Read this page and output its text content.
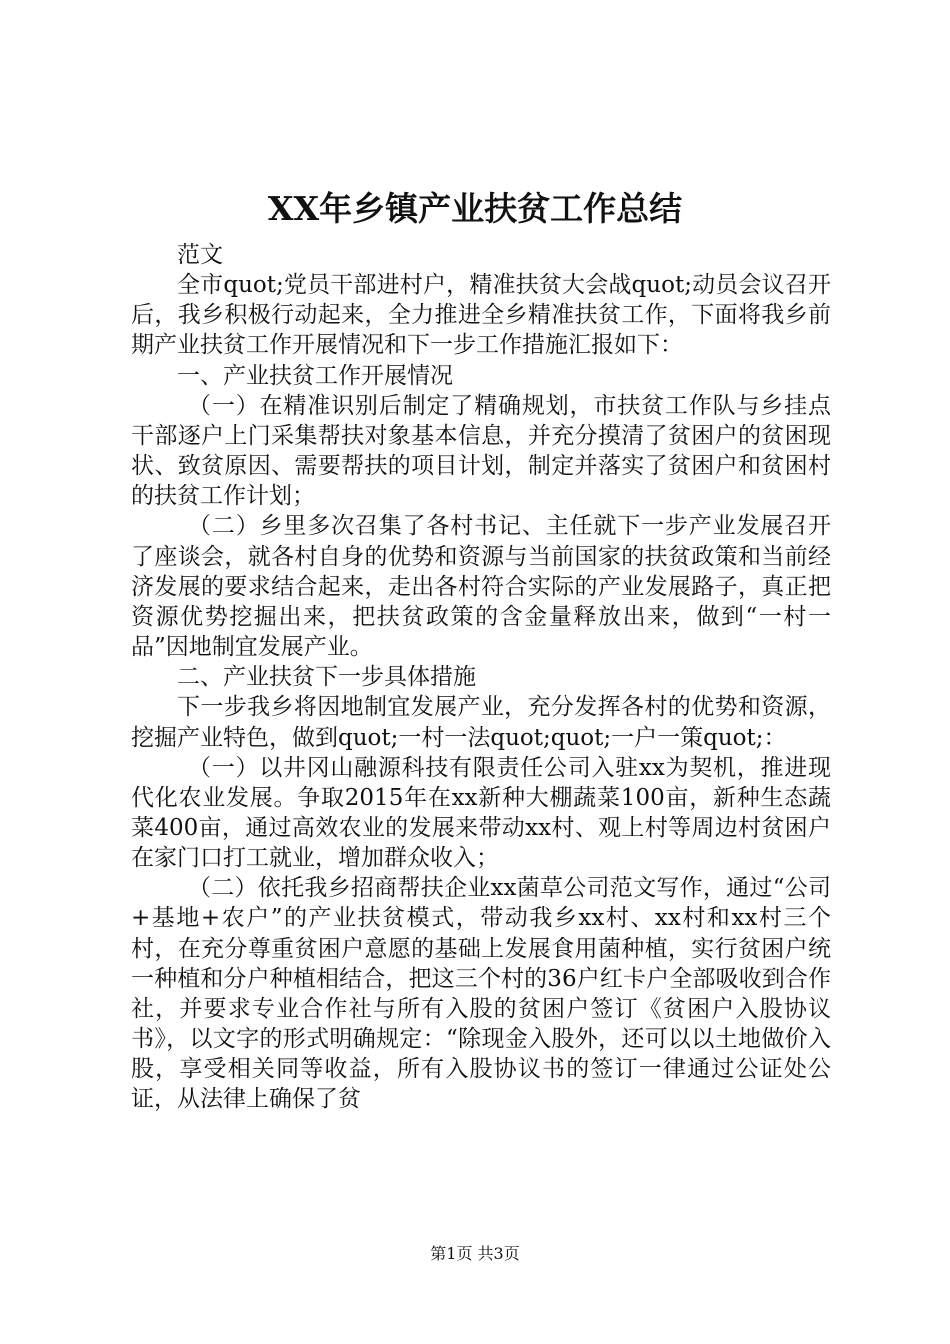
XX年乡镇产业扶贫工作总结

范文

全市quot;党员干部进村户，精准扶贫大会战quot;动员会议召开后，我乡积极行动起来，全力推进全乡精准扶贫工作，下面将我乡前期产业扶贫工作开展情况和下一步工作措施汇报如下：

一、产业扶贫工作开展情况

（一）在精准识别后制定了精确规划，市扶贫工作队与乡挂点干部逐户上门采集帮扶对象基本信息，并充分摸清了贫困户的贫困现状、致贫原因、需要帮扶的项目计划，制定并落实了贫困户和贫困村的扶贫工作计划；

（二）乡里多次召集了各村书记、主任就下一步产业发展召开了座谈会，就各村自身的优势和资源与当前国家的扶贫政策和当前经济发展的要求结合起来，走出各村符合实际的产业发展路子，真正把资源优势挖掘出来，把扶贫政策的含金量释放出来，做到“一村一品”因地制宜发展产业。

二、产业扶贫下一步具体措施

下一步我乡将因地制宜发展产业，充分发挥各村的优势和资源，挖掘产业特色，做到quot;一村一法quot;quot;一户一策quot;：

（一）以井冈山融源科技有限责任公司入驻xx为契机，推进现代化农业发展。争取2015年在xx新种大棚蔬菜100亩，新种生态蔬菜400亩，通过高效农业的发展来带动xx村、观上村等周边村贫困户在家门口打工就业，增加群众收入；

（二）依托我乡招商帮扶企业xx菌草公司范文写作，通过“公司+基地+农户”的产业扶贫模式，带动我乡xx村、xx村和xx村三个村，在充分尊重贫困户意愿的基础上发展食用菌种植，实行贫困户统一种植和分户种植相结合，把这三个村的36户红卡户全部吸收到合作社，并要求专业合作社与所有入股的贫困户签订《贫困户入股协议书》，以文字的形式明确规定：“除现金入股外，还可以以土地做价入股，享受相关同等收益，所有入股协议书的签订一律通过公证处公证，从法律上确保了贫

第1页 共3页
